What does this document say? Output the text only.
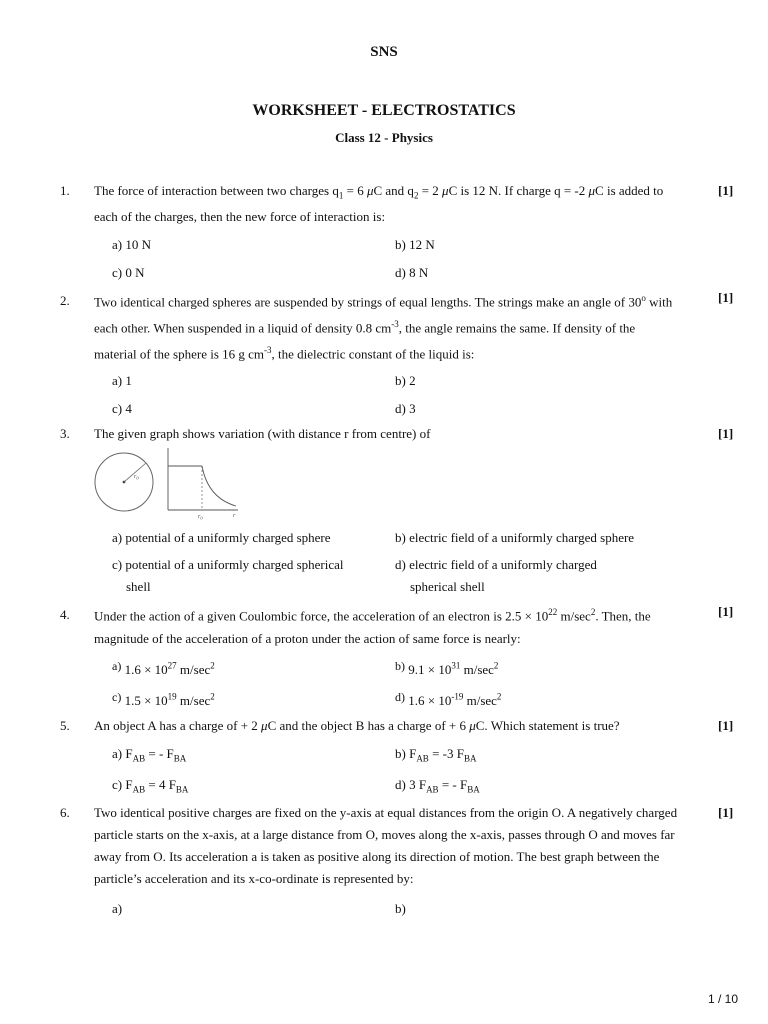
SNS
WORKSHEET - ELECTROSTATICS
Class 12 - Physics
1.	[1]
The force of interaction between two charges $q_1 = 6$ μC and $q_2 = 2$ μC is 12 N. If charge q = -2 μC is added to
each of the charges, then the new force of interaction is:
a) 10 N	b) 12 N
c) 0 N	d) 8 N
2.	[1]
Two identical charged spheres are suspended by strings of equal lengths. The strings make an angle of 30$^o$ with
each other. When suspended in a liquid of density 0.8 $cm^{-3}$, the angle remains the same. If density of the
material of the sphere is 16 g $cm^{-3}$, the dielectric constant of the liquid is:
a) 1	b) 2
c) 4	d) 3
3.	[1]
The given graph shows variation (with distance r from centre) of
$r_0$
$r_0$	r
a) potential of a uniformly charged sphere	b) electric field of a uniformly charged sphere
c) potential of a uniformly charged spherical
shell
d) electric field of a uniformly charged
spherical shell
4.	[1]
Under the action of a given Coulombic force, the acceleration of an electron is $2.5 \times 10^{22}$ $m/\sec^2$. Then, the
magnitude of the acceleration of a proton under the action of same force is nearly:
$^{a)}$ $1.6 \times 10^{27}$ $m/\sec^2$	$^{b)}$ $9.1 \times 10^{31}$ $m/\sec^2$
$^{c)}$ $1.5 \times 10^{19}$ $m/\sec^2$	$^{d)}$ $1.6 \times 10^{-19}$ $m/\sec^2$
5.	[1]
An object A has a charge of + 2 μC and the object B has a charge of + 6 μC. Which statement is true?
a) $F_{AB}$ = - $F_{BA}$	b) $F_{AB} = -3$ $F_{BA}$
c) $F_{AB} = 4$ $F_{BA}$	d) 3 $F_{AB}$ = - $F_{BA}$
6.	[1]
Two identical positive charges are fixed on the y-axis at equal distances from the origin O. A negatively charged
particle starts on the x-axis, at a large distance from O, moves along the x-axis, passes through O and moves far
away from O. Its acceleration a is taken as positive along its direction of motion. The best graph between the
particle’s acceleration and its x-co-ordinate is represented by:
a)	b)
1 / 10
